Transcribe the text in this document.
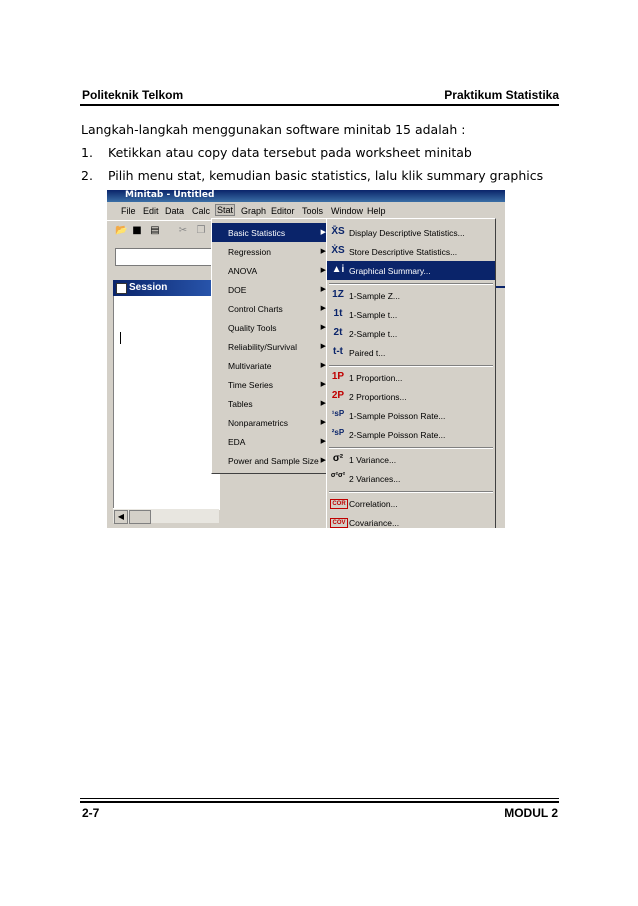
Politeknik Telkom	Praktikum Statistika
Langkah-langkah menggunakan software minitab 15 adalah :
1. Ketikkan atau copy data tersebut pada worksheet minitab
2. Pilih menu stat, kemudian basic statistics, lalu klik summary graphics
Minitab - Untitled
File Edit Data Calc Stat Graph Editor Tools Window Help
📂 ■ ▤ ✂ ❐
Session
◀
Basic Statistics	▶
Regression	▶
ANOVA	▶
DOE	▶
Control Charts	▶
Quality Tools	▶
Reliability/Survival	▶
Multivariate	▶
Time Series	▶
Tables	▶
Nonparametrics	▶
EDA	▶
Power and Sample Size ▶
X̄S Display Descriptive Statistics...
ẊS Store Descriptive Statistics...
▲i Graphical Summary...
1Z 1-Sample Z...
1t 1-Sample t...
2t 2-Sample t...
t-t Paired t...
1P 1 Proportion...
2P 2 Proportions...
¹sP 1-Sample Poisson Rate...
²sP 2-Sample Poisson Rate...
σ² 1 Variance...
σ²σ² 2 Variances...
COR Correlation...
COV Covariance...
2-7	MODUL 2
